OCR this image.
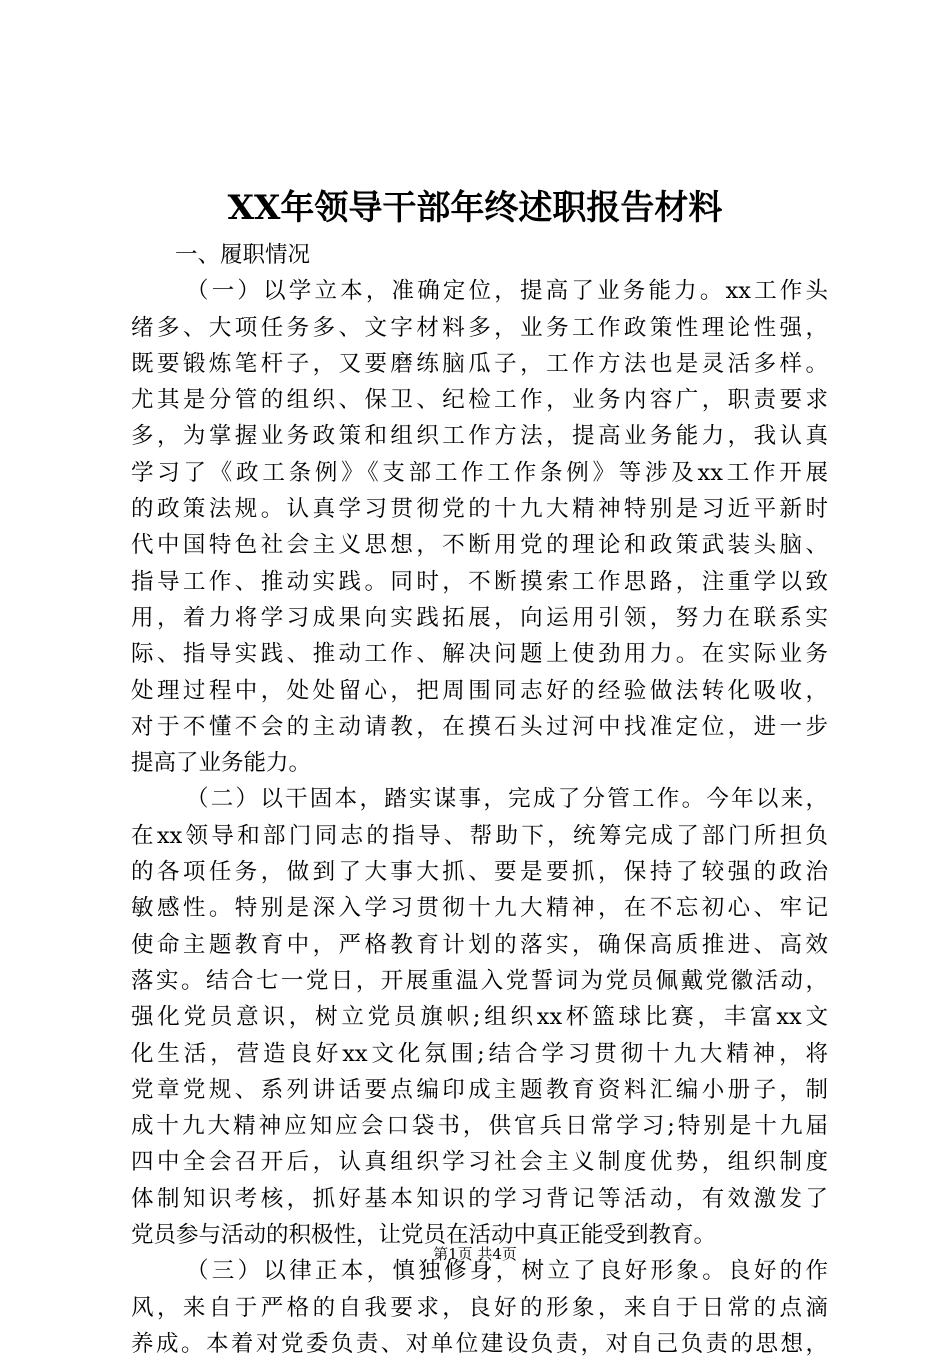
XX年领导干部年终述职报告材料
一、履职情况
（一）以学立本，准确定位，提高了业务能力。xx工作头
绪多、大项任务多、文字材料多，业务工作政策性理论性强，
既要锻炼笔杆子，又要磨练脑瓜子，工作方法也是灵活多样。
尤其是分管的组织、保卫、纪检工作，业务内容广，职责要求
多，为掌握业务政策和组织工作方法，提高业务能力，我认真
学习了《政工条例》《支部工作工作条例》等涉及xx工作开展
的政策法规。认真学习贯彻党的十九大精神特别是习近平新时
代中国特色社会主义思想，不断用党的理论和政策武装头脑、
指导工作、推动实践。同时，不断摸索工作思路，注重学以致
用，着力将学习成果向实践拓展，向运用引领，努力在联系实
际、指导实践、推动工作、解决问题上使劲用力。在实际业务
处理过程中，处处留心，把周围同志好的经验做法转化吸收，
对于不懂不会的主动请教，在摸石头过河中找准定位，进一步
提高了业务能力。
（二）以干固本，踏实谋事，完成了分管工作。今年以来，
在xx领导和部门同志的指导、帮助下，统筹完成了部门所担负
的各项任务，做到了大事大抓、要是要抓，保持了较强的政治
敏感性。特别是深入学习贯彻十九大精神，在不忘初心、牢记
使命主题教育中，严格教育计划的落实，确保高质推进、高效
落实。结合七一党日，开展重温入党誓词为党员佩戴党徽活动，
强化党员意识，树立党员旗帜;组织xx杯篮球比赛，丰富xx文
化生活，营造良好xx文化氛围;结合学习贯彻十九大精神，将
党章党规、系列讲话要点编印成主题教育资料汇编小册子，制
成十九大精神应知应会口袋书，供官兵日常学习;特别是十九届
四中全会召开后，认真组织学习社会主义制度优势，组织制度
体制知识考核，抓好基本知识的学习背记等活动，有效激发了
党员参与活动的积极性，让党员在活动中真正能受到教育。
（三）以律正本，慎独修身，树立了良好形象。良好的作
风，来自于严格的自我要求，良好的形象，来自于日常的点滴
养成。本着对党委负责、对单位建设负责，对自己负责的思想，
第1页 共4页
